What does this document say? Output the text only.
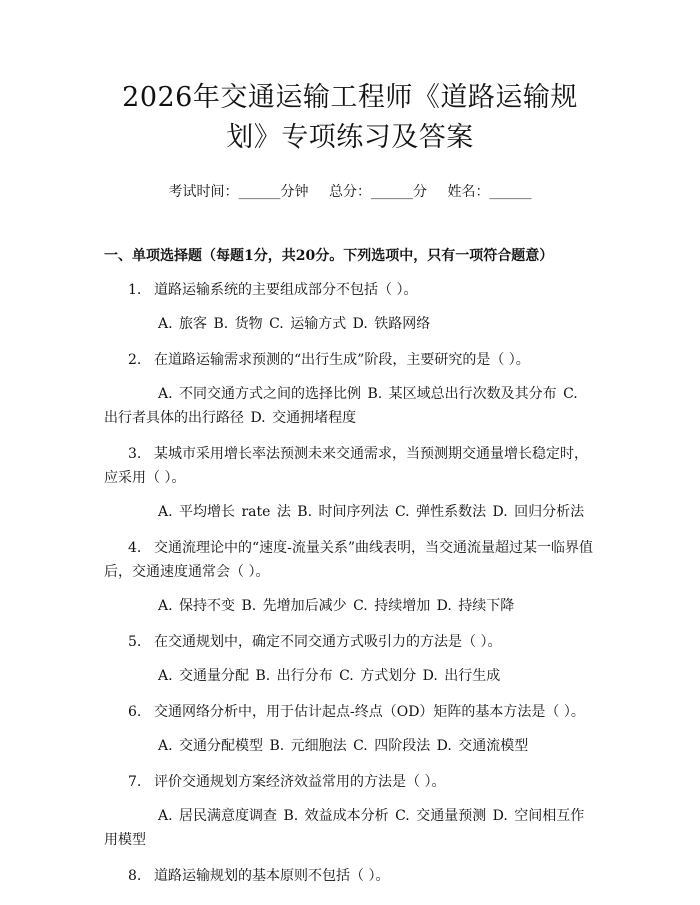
2026年交通运输工程师《道路运输规划》专项练习及答案
考试时间：______分钟 总分：______分 姓名：______
一、单项选择题（每题1分，共20分。下列选项中，只有一项符合题意）
1. 道路运输系统的主要组成部分不包括（ ）。
A. 旅客 B. 货物 C. 运输方式 D. 铁路网络
2. 在道路运输需求预测的“出行生成”阶段，主要研究的是（ ）。
A. 不同交通方式之间的选择比例 B. 某区域总出行次数及其分布 C. 出行者具体的出行路径 D. 交通拥堵程度
3. 某城市采用增长率法预测未来交通需求，当预测期交通量增长稳定时，应采用（ ）。
A. 平均增长 rate 法 B. 时间序列法 C. 弹性系数法 D. 回归分析法
4. 交通流理论中的“速度-流量关系”曲线表明，当交通流量超过某一临界值后，交通速度通常会（ ）。
A. 保持不变 B. 先增加后减少 C. 持续增加 D. 持续下降
5. 在交通规划中，确定不同交通方式吸引力的方法是（ ）。
A. 交通量分配 B. 出行分布 C. 方式划分 D. 出行生成
6. 交通网络分析中，用于估计起点-终点（OD）矩阵的基本方法是（ ）。
A. 交通分配模型 B. 元细胞法 C. 四阶段法 D. 交通流模型
7. 评价交通规划方案经济效益常用的方法是（ ）。
A. 居民满意度调查 B. 效益成本分析 C. 交通量预测 D. 空间相互作用模型
8. 道路运输规划的基本原则不包括（ ）。
